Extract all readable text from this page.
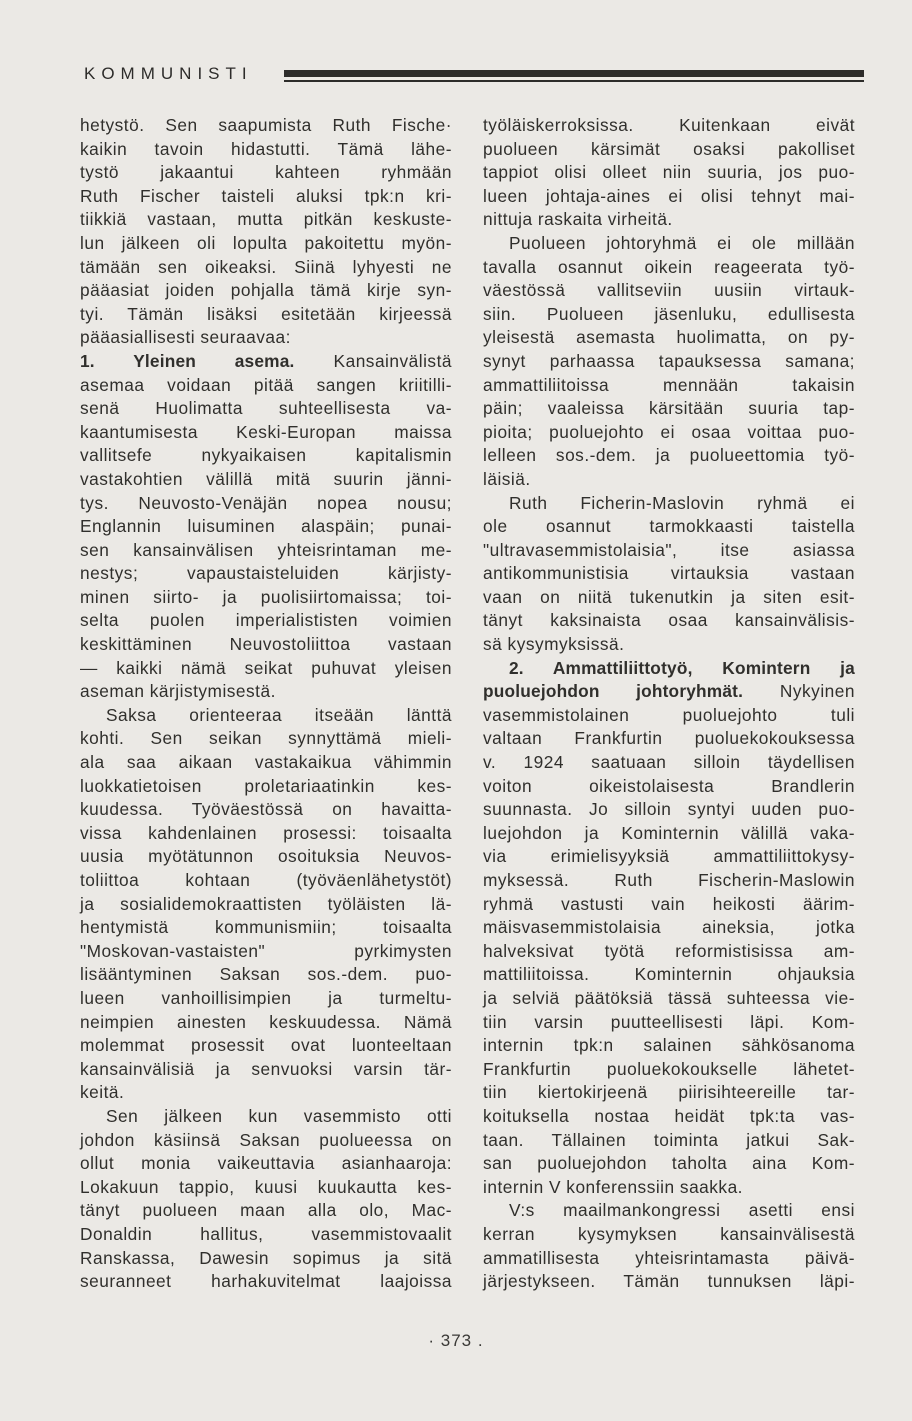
KOMMUNISTI
hetystö. Sen saapumista Ruth Fische·
kaikin tavoin hidastutti. Tämä lähe-
tystö jakaantui kahteen ryhmään
Ruth Fischer taisteli aluksi tpk:n kri-
tiikkiä vastaan, mutta pitkän keskuste-
lun jälkeen oli lopulta pakoitettu myön-
tämään sen oikeaksi. Siinä lyhyesti ne
pääasiat joiden pohjalla tämä kirje syn-
tyi. Tämän lisäksi esitetään kirjeessä
pääasiallisesti seuraavaa:
1. Yleinen asema. Kansainvälistä
asemaa voidaan pitää sangen kriitilli-
senä Huolimatta suhteellisesta va-
kaantumisesta Keski-Europan maissa
vallitsefe nykyaikaisen kapitalismin
vastakohtien välillä mitä suurin jänni-
tys. Neuvosto-Venäjän nopea nousu;
Englannin luisuminen alaspäin; punai-
sen kansainvälisen yhteisrintaman me-
nestys; vapaustaisteluiden kärjisty-
minen siirto- ja puolisiirtomaissa; toi-
selta puolen imperialististen voimien
keskittäminen Neuvostoliittoa vastaan
— kaikki nämä seikat puhuvat yleisen
aseman kärjistymisestä.
Saksa orienteeraa itseään länttä
kohti. Sen seikan synnyttämä mieli-
ala saa aikaan vastakaikua vähimmin
luokkatietoisen proletariaatinkin kes-
kuudessa. Työväestössä on havaitta-
vissa kahdenlainen prosessi: toisaalta
uusia myötätunnon osoituksia Neuvos-
toliittoa kohtaan (työväenlähetystöt)
ja sosialidemokraattisten työläisten lä-
hentymistä kommunismiin; toisaalta
"Moskovan-vastaisten" pyrkimysten
lisääntyminen Saksan sos.-dem. puo-
lueen vanhoillisimpien ja turmeltu-
neimpien ainesten keskuudessa. Nämä
molemmat prosessit ovat luonteeltaan
kansainvälisiä ja senvuoksi varsin tär-
keitä.
Sen jälkeen kun vasemmisto otti
johdon käsiinsä Saksan puolueessa on
ollut monia vaikeuttavia asianhaaroja:
Lokakuun tappio, kuusi kuukautta kes-
tänyt puolueen maan alla olo, Mac-
Donaldin hallitus, vasemmistovaalit
Ranskassa, Dawesin sopimus ja sitä
seuranneet harhakuvitelmat laajoissa
työläiskerroksissa. Kuitenkaan eivät
puolueen kärsimät osaksi pakolliset
tappiot olisi olleet niin suuria, jos puo-
lueen johtaja-aines ei olisi tehnyt mai-
nittuja raskaita virheitä.
Puolueen johtoryhmä ei ole millään
tavalla osannut oikein reageerata työ-
väestössä vallitseviin uusiin virtauk-
siin. Puolueen jäsenluku, edullisesta
yleisestä asemasta huolimatta, on py-
synyt parhaassa tapauksessa samana;
ammattiliitoissa mennään takaisin
päin; vaaleissa kärsitään suuria tap-
pioita; puoluejohto ei osaa voittaa puo-
lelleen sos.-dem. ja puolueettomia työ-
läisiä.
Ruth Ficherin-Maslovin ryhmä ei
ole osannut tarmokkaasti taistella
"ultravasemmistolaisia", itse asiassa
antikommunistisia virtauksia vastaan
vaan on niitä tukenutkin ja siten esit-
tänyt kaksinaista osaa kansainvälisis-
sä kysymyksissä.
2. Ammattiliittotyö, Komintern ja
puoluejohdon johtoryhmät. Nykyinen
vasemmistolainen puoluejohto tuli
valtaan Frankfurtin puoluekokouksessa
v. 1924 saatuaan silloin täydellisen
voiton oikeistolaisesta Brandlerin
suunnasta. Jo silloin syntyi uuden puo-
luejohdon ja Kominternin välillä vaka-
via erimielisyyksiä ammattiliittokysy-
myksessä. Ruth Fischerin-Maslowin
ryhmä vastusti vain heikosti äärim-
mäisvasemmistolaisia aineksia, jotka
halveksivat työtä reformistisissa am-
mattiliitoissa. Kominternin ohjauksia
ja selviä päätöksiä tässä suhteessa vie-
tiin varsin puutteellisesti läpi. Kom-
internin tpk:n salainen sähkösanoma
Frankfurtin puoluekokoukselle lähetet-
tiin kiertokirjeenä piirisihteereille tar-
koituksella nostaa heidät tpk:ta vas-
taan. Tällainen toiminta jatkui Sak-
san puoluejohdon taholta aina Kom-
internin V konferenssiin saakka.
V:s maailmankongressi asetti ensi
kerran kysymyksen kansainvälisestä
ammatillisesta yhteisrintamasta päivä-
järjestykseen. Tämän tunnuksen läpi-
· 373 .
